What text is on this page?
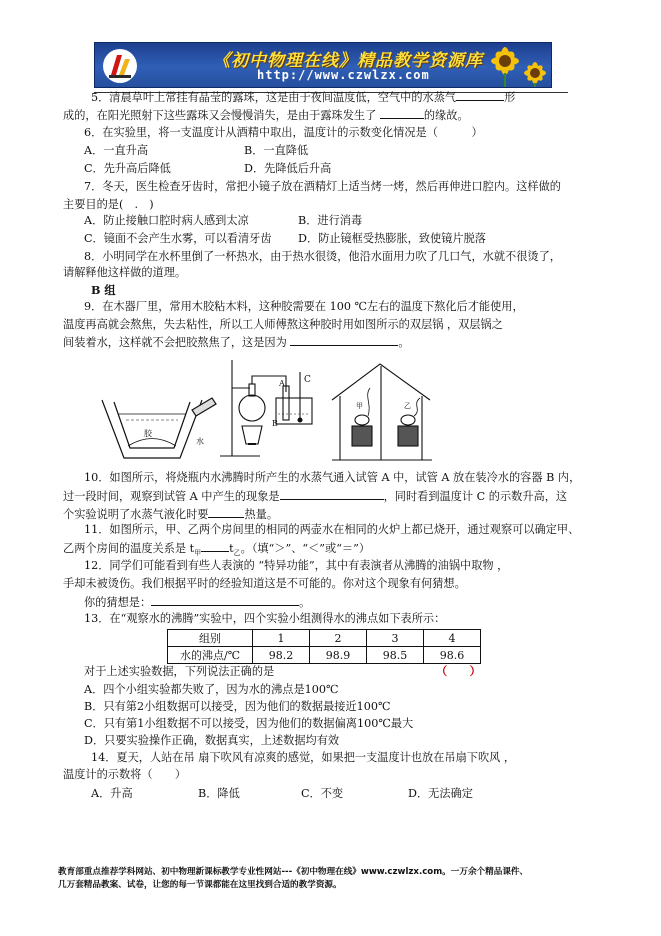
《初中物理在线》精品教学资源库
http://www.czwlzx.com
5．清晨草叶上常挂有晶莹的露珠，这是由于夜间温度低，空气中的水蒸气	形
成的，在阳光照射下这些露珠又会慢慢消失，是由于露珠发生了	的缘故。
6．在实验里，将一支温度计从酒精中取出，温度计的示数变化情况是（　　　）
A．一直升高	B．一直降低
C．先升高后降低	D．先降低后升高
7．冬天，医生检查牙齿时，常把小镜子放在酒精灯上适当烤一烤，然后再伸进口腔内。这样做的
主要目的是(　.　)
A．防止接触口腔时病人感到太凉	B．进行消毒
C．镜面不会产生水雾，可以看清牙齿 D．防止镜框受热膨胀，致使镜片脱落
8．小明同学在水杯里倒了一杯热水，由于热水很烫，他沿水面用力吹了几口气，水就不很烫了，
请解释他这样做的道理。
B 组
9．在木器厂里，常用木胶粘木料，这种胶需要在 100 ℃左右的温度下熬化后才能使用，
温度再高就会熬焦，失去粘性，所以工人师傅熬这种胶时用如图所示的双层锅 ，双层锅之
间装着水，这样就不会把胶熬焦了，这是因为	。
胶
水
A
B
C
甲	乙
10．如图所示，将烧瓶内水沸腾时所产生的水蒸气通入试管 A 中，试管 A 放在装冷水的容器 B 内，
过一段时间，观察到试管 A 中产生的现象是	，同时看到温度计 C 的示数升高，这
个实验说明了水蒸气液化时要	热量。
11．如图所示，甲、乙两个房间里的相同的两壶水在相同的火炉上都已烧开，通过观察可以确定甲、
乙两个房间的温度关系是 $t_甲$	$t_乙$。（填“＞”、“＜”或“＝”）
12．同学们可能看到有些人表演的 “特异功能”，其中有表演者从沸腾的油锅中取物 ，
手却未被烫伤。我们根据平时的经验知道这是不可能的。你对这个现象有何猜想。
你的猜想是：	。
13．在“观察水的沸腾”实验中，四个实验小组测得水的沸点如下表所示：
组别	1	2	3	4
水的沸点/℃	98.2	98.9	98.5	98.6
对于上述实验数据，下列说法正确的是	（　　）
A．四个小组实验都失败了，因为水的沸点是100℃
B．只有第2小组数据可以接受，因为他们的数据最接近100℃
C．只有第1小组数据不可以接受，因为他们的数据偏离100℃最大
D．只要实验操作正确，数据真实，上述数据均有效
14．夏天，人站在吊 扇下吹风有凉爽的感觉，如果把一支温度计也放在吊扇下吹风 ，
温度计的示数将（　　）
A．升高	B．降低	C．不变	D．无法确定
教育部重点推荐学科网站、初中物理新课标教学专业性网站---《初中物理在线》www.czwlzx.com。一万余个精品课件、
几万套精品教案、试卷，让您的每一节课都能在这里找到合适的教学资源。
